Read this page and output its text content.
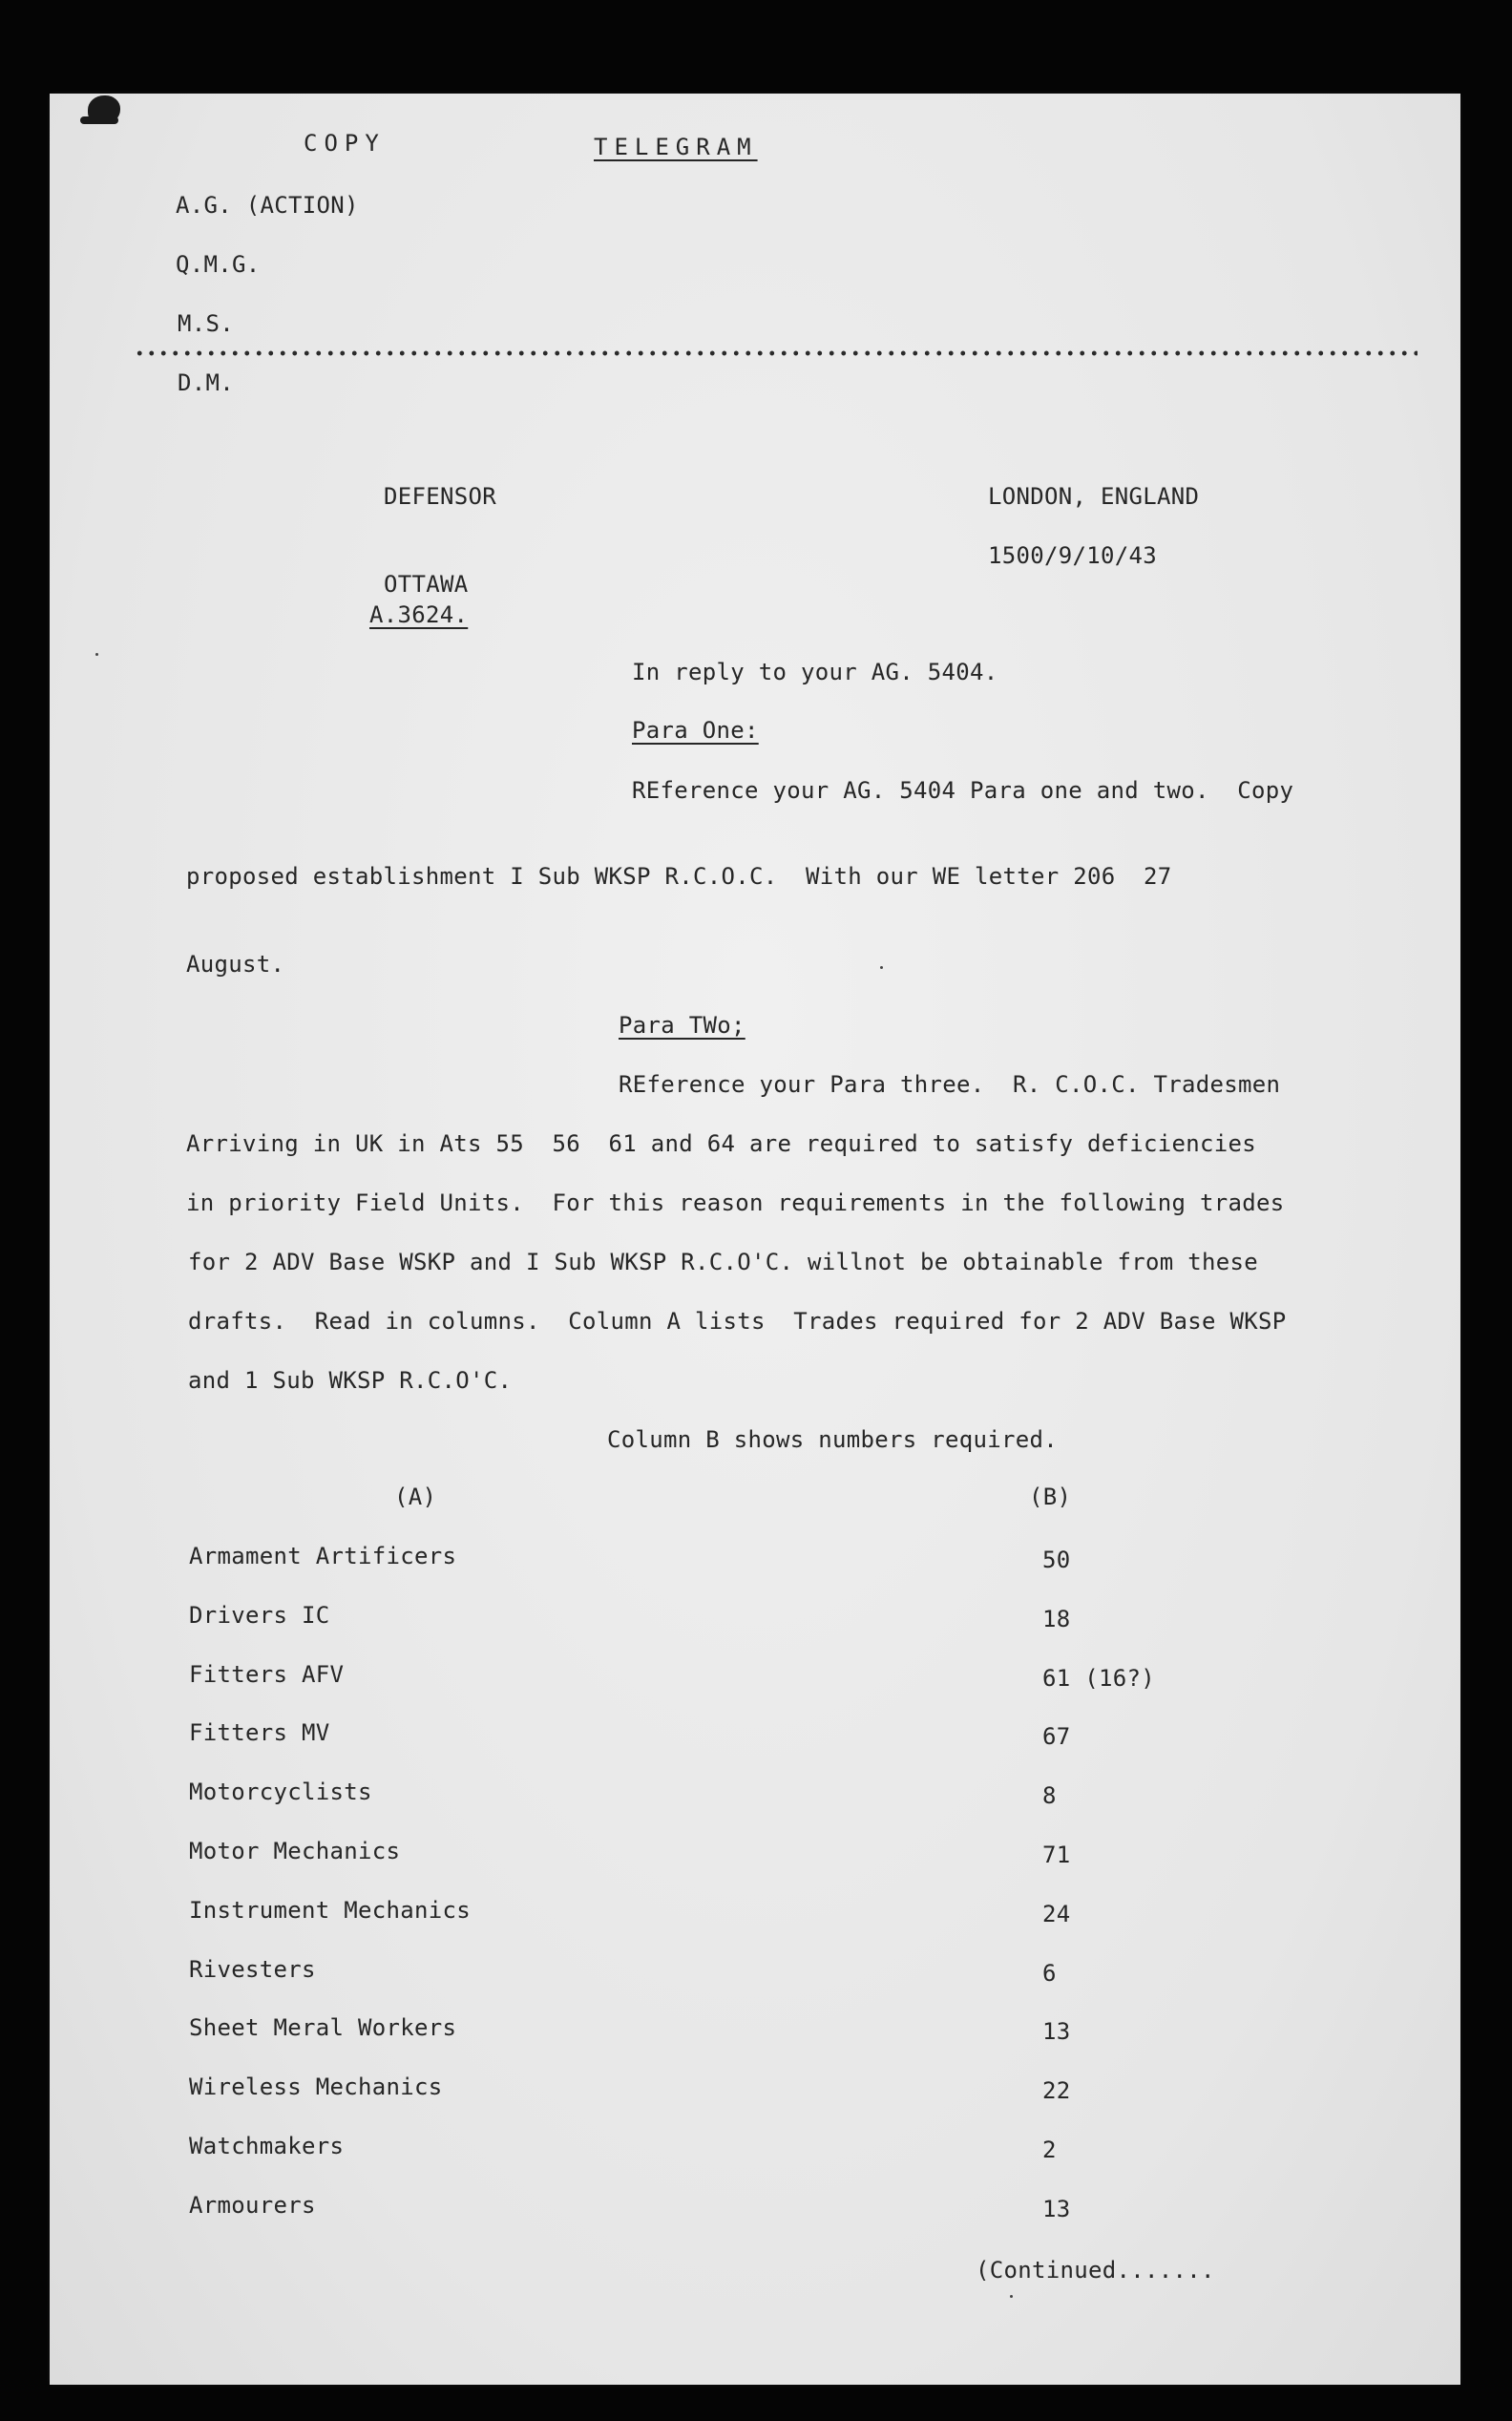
COPY	TELEGRAM
A.G. (ACTION)
Q.M.G.
M.S.
D.M.
DEFENSOR	LONDON, ENGLAND
1500/9/10/43
OTTAWA
A.3624.
In reply to your AG. 5404.
Para One:
REference your AG. 5404 Para one and two.  Copy
proposed establishment I Sub WKSP R.C.O.C.  With our WE letter 206  27
August.
Para TWo;
REference your Para three.  R. C.O.C. Tradesmen
Arriving in UK in Ats 55  56  61 and 64 are required to satisfy deficiencies
in priority Field Units.  For this reason requirements in the following trades
for 2 ADV Base WSKP and I Sub WKSP R.C.O'C. willnot be obtainable from these
drafts.  Read in columns.  Column A lists  Trades required for 2 ADV Base WKSP
and 1 Sub WKSP R.C.O'C.
Column B shows numbers required.
(A)	(B)
Armament Artificers	50
Drivers IC	18
Fitters AFV	61 (16?)
Fitters MV	67
Motorcyclists	8
Motor Mechanics	71
Instrument Mechanics	24
Rivesters	6
Sheet Meral Workers	13
Wireless Mechanics	22
Watchmakers	2
Armourers	13
(Continued.......
